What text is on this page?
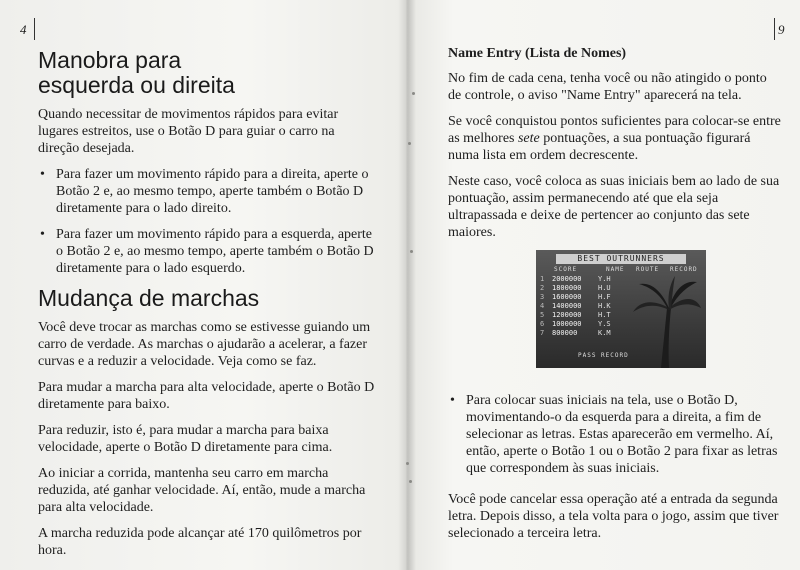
4
Manobra para
esquerda ou direita

Quando necessitar de movimentos rápidos para evitar lugares estreitos, use o Botão D para guiar o carro na direção desejada.

• Para fazer um movimento rápido para a direita, aperte o Botão 2 e, ao mesmo tempo, aperte também o Botão D diretamente para o lado direito.

• Para fazer um movimento rápido para a esquerda, aperte o Botão 2 e, ao mesmo tempo, aperte também o Botão D diretamente para o lado esquerdo.

Mudança de marchas

Você deve trocar as marchas como se estivesse guiando um carro de verdade. As marchas o ajudarão a acelerar, a fazer curvas e a reduzir a velocidade. Veja como se faz.

Para mudar a marcha para alta velocidade, aperte o Botão D diretamente para baixo.

Para reduzir, isto é, para mudar a marcha para baixa velocidade, aperte o Botão D diretamente para cima.

Ao iniciar a corrida, mantenha seu carro em marcha reduzida, até ganhar velocidade. Aí, então, mude a marcha para alta velocidade.

A marcha reduzida pode alcançar até 170 quilômetros por hora.

9
Name Entry (Lista de Nomes)

No fim de cada cena, tenha você ou não atingido o ponto de controle, o aviso "Name Entry" aparecerá na tela.

Se você conquistou pontos suficientes para colocar-se entre as melhores sete pontuações, a sua pontuação figurará numa lista em ordem decrescente.

Neste caso, você coloca as suas iniciais bem ao lado de sua pontuação, assim permanecendo até que ela seja ultrapassada e deixe de pertencer ao conjunto das sete maiores.

BEST OUTRUNNERS
SCORE	NAME ROUTE RECORD
1 2000000 Y.H
2 1800000 H.U
3 1600000 H.F
4 1400000 H.K
5 1200000 H.T
6 1000000 Y.S
7 800000	K.M
PASS RECORD

• Para colocar suas iniciais na tela, use o Botão D, movimentando-o da esquerda para a direita, a fim de selecionar as letras. Estas aparecerão em vermelho. Aí, então, aperte o Botão 1 ou o Botão 2 para fixar as letras que correspondem às suas iniciais.

Você pode cancelar essa operação até a entrada da segunda letra. Depois disso, a tela volta para o jogo, assim que tiver selecionado a terceira letra.
